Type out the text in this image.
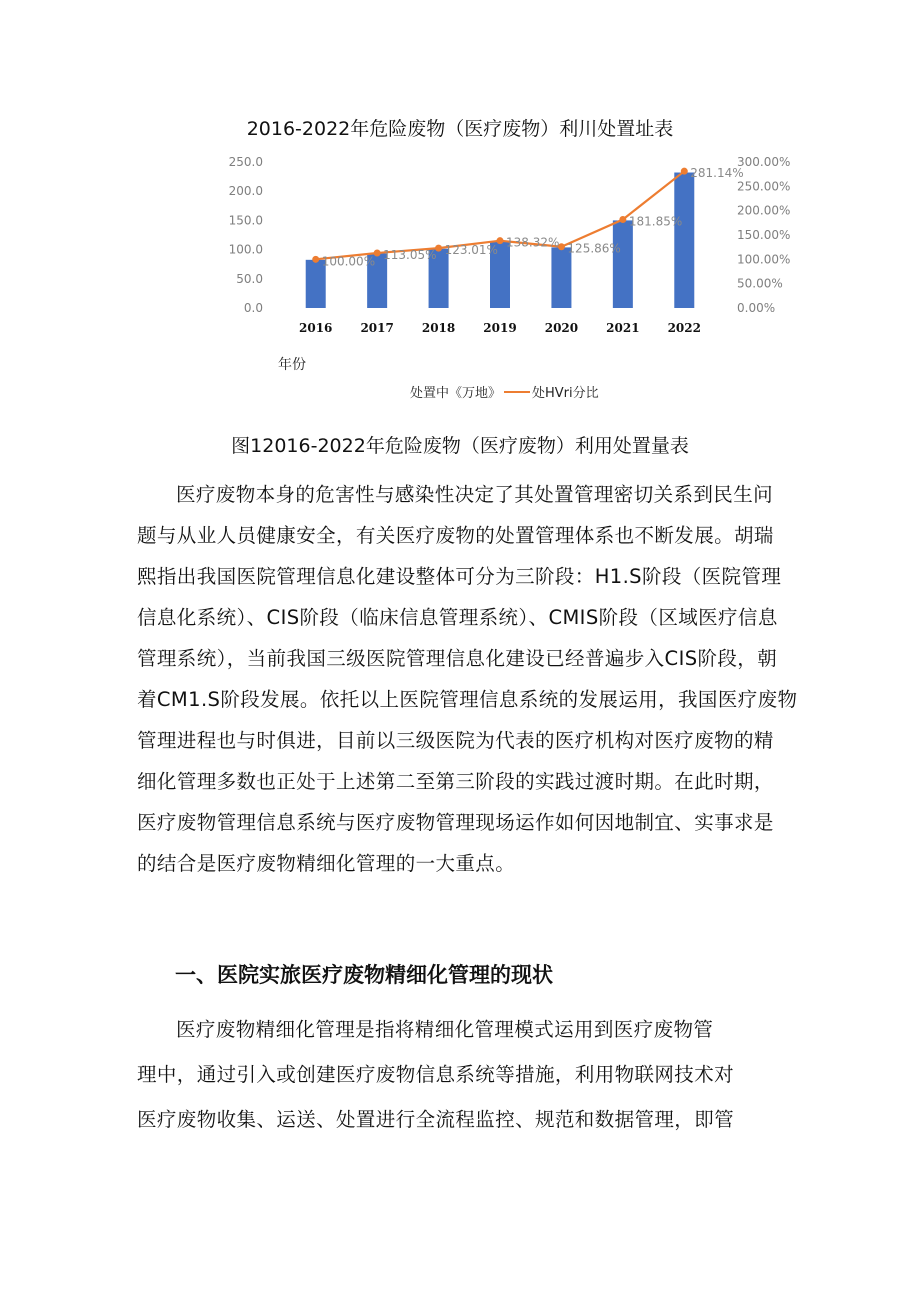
2016-2022年危险废物（医疗废物）利川处置址表
0.0
50.0
100.0
150.0
200.0
250.0
0.00%
50.00%
100.00%
150.00%
200.00%
250.00%
300.00%
2016 2017 2018 2019 2020 2021 2022
100.00% 113.05% 123.01%
138.32% 125.86%
181.85%
281.14%
年份
处置中《万地》 处HVri分比
图12016-2022年危险废物（医疗废物）利用处置量表
医疗废物本身的危害性与感染性决定了其处置管理密切关系到民生问
题与从业人员健康安全，有关医疗废物的处置管理体系也不断发展。胡瑞
熙指出我国医院管理信息化建设整体可分为三阶段：H1.S阶段（医院管理
信息化系统）、CIS阶段（临床信息管理系统）、CMIS阶段（区域医疗信息
管理系统），当前我国三级医院管理信息化建设已经普遍步入CIS阶段，朝
着CM1.S阶段发展。依托以上医院管理信息系统的发展运用，我国医疗废物
管理进程也与时俱进，目前以三级医院为代表的医疗机构对医疗废物的精
细化管理多数也正处于上述第二至第三阶段的实践过渡时期。在此时期，
医疗废物管理信息系统与医疗废物管理现场运作如何因地制宜、实事求是
的结合是医疗废物精细化管理的一大重点。
一、医院实旅医疗废物精细化管理的现状
医疗废物精细化管理是指将精细化管理模式运用到医疗废物管
理中，通过引入或创建医疗废物信息系统等措施，利用物联网技术对
医疗废物收集、运送、处置进行全流程监控、规范和数据管理，即管
